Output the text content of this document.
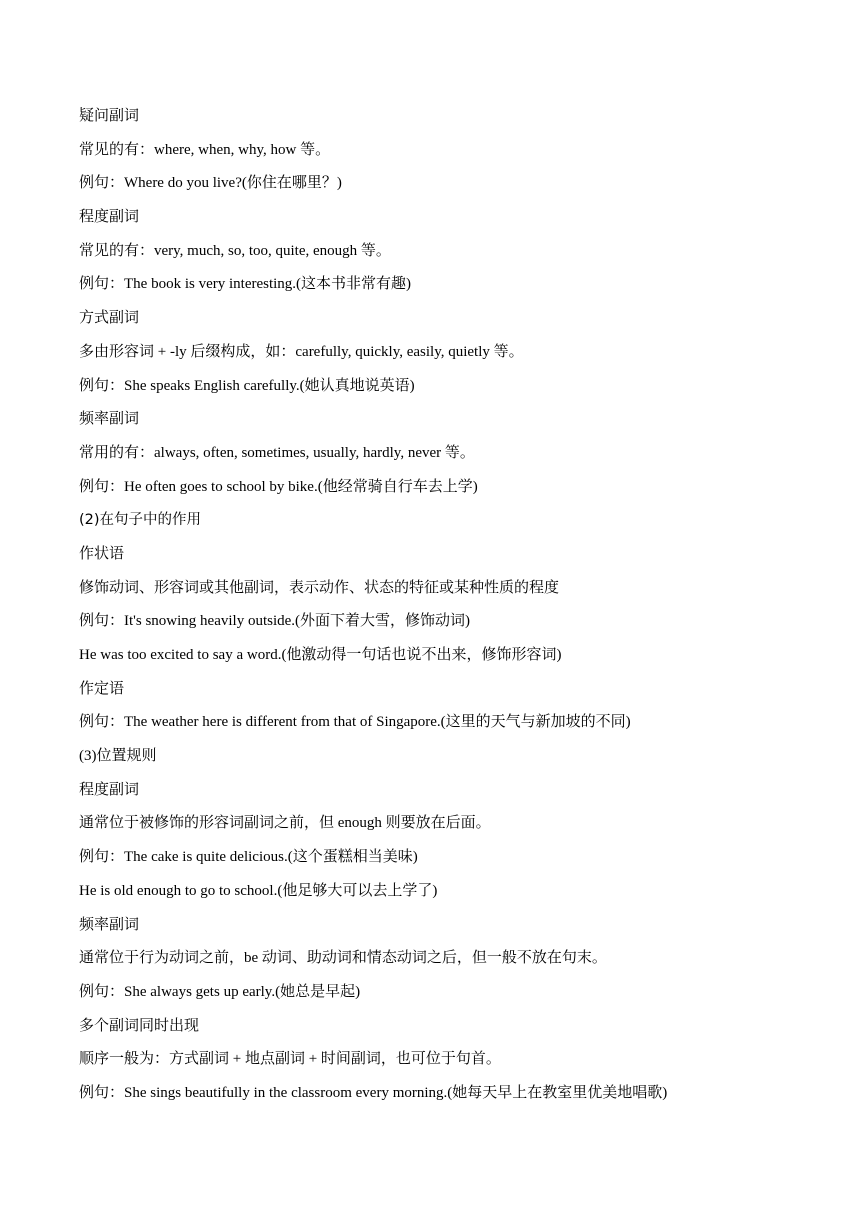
疑问副词
常见的有：where, when, why, how 等。
例句：Where do you live?(你住在哪里？)
程度副词
常见的有：very, much, so, too, quite, enough 等。
例句：The book is very interesting.(这本书非常有趣)
方式副词
多由形容词 + -ly 后缀构成，如：carefully, quickly, easily, quietly 等。
例句：She speaks English carefully.(她认真地说英语)
频率副词
常用的有：always, often, sometimes, usually, hardly, never 等。
例句：He often goes to school by bike.(他经常骑自行车去上学)
(2)在句子中的作用
作状语
修饰动词、形容词或其他副词，表示动作、状态的特征或某种性质的程度
例句：It's snowing heavily outside.(外面下着大雪，修饰动词)
He was too excited to say a word.(他激动得一句话也说不出来，修饰形容词)
作定语
例句：The weather here is different from that of Singapore.(这里的天气与新加坡的不同)
(3)位置规则
程度副词
通常位于被修饰的形容词副词之前，但 enough 则要放在后面。
例句：The cake is quite delicious.(这个蛋糕相当美味)
He is old enough to go to school.(他足够大可以去上学了)
频率副词
通常位于行为动词之前，be 动词、助动词和情态动词之后，但一般不放在句末。
例句：She always gets up early.(她总是早起)
多个副词同时出现
顺序一般为：方式副词 + 地点副词 + 时间副词，也可位于句首。
例句：She sings beautifully in the classroom every morning.(她每天早上在教室里优美地唱歌)
